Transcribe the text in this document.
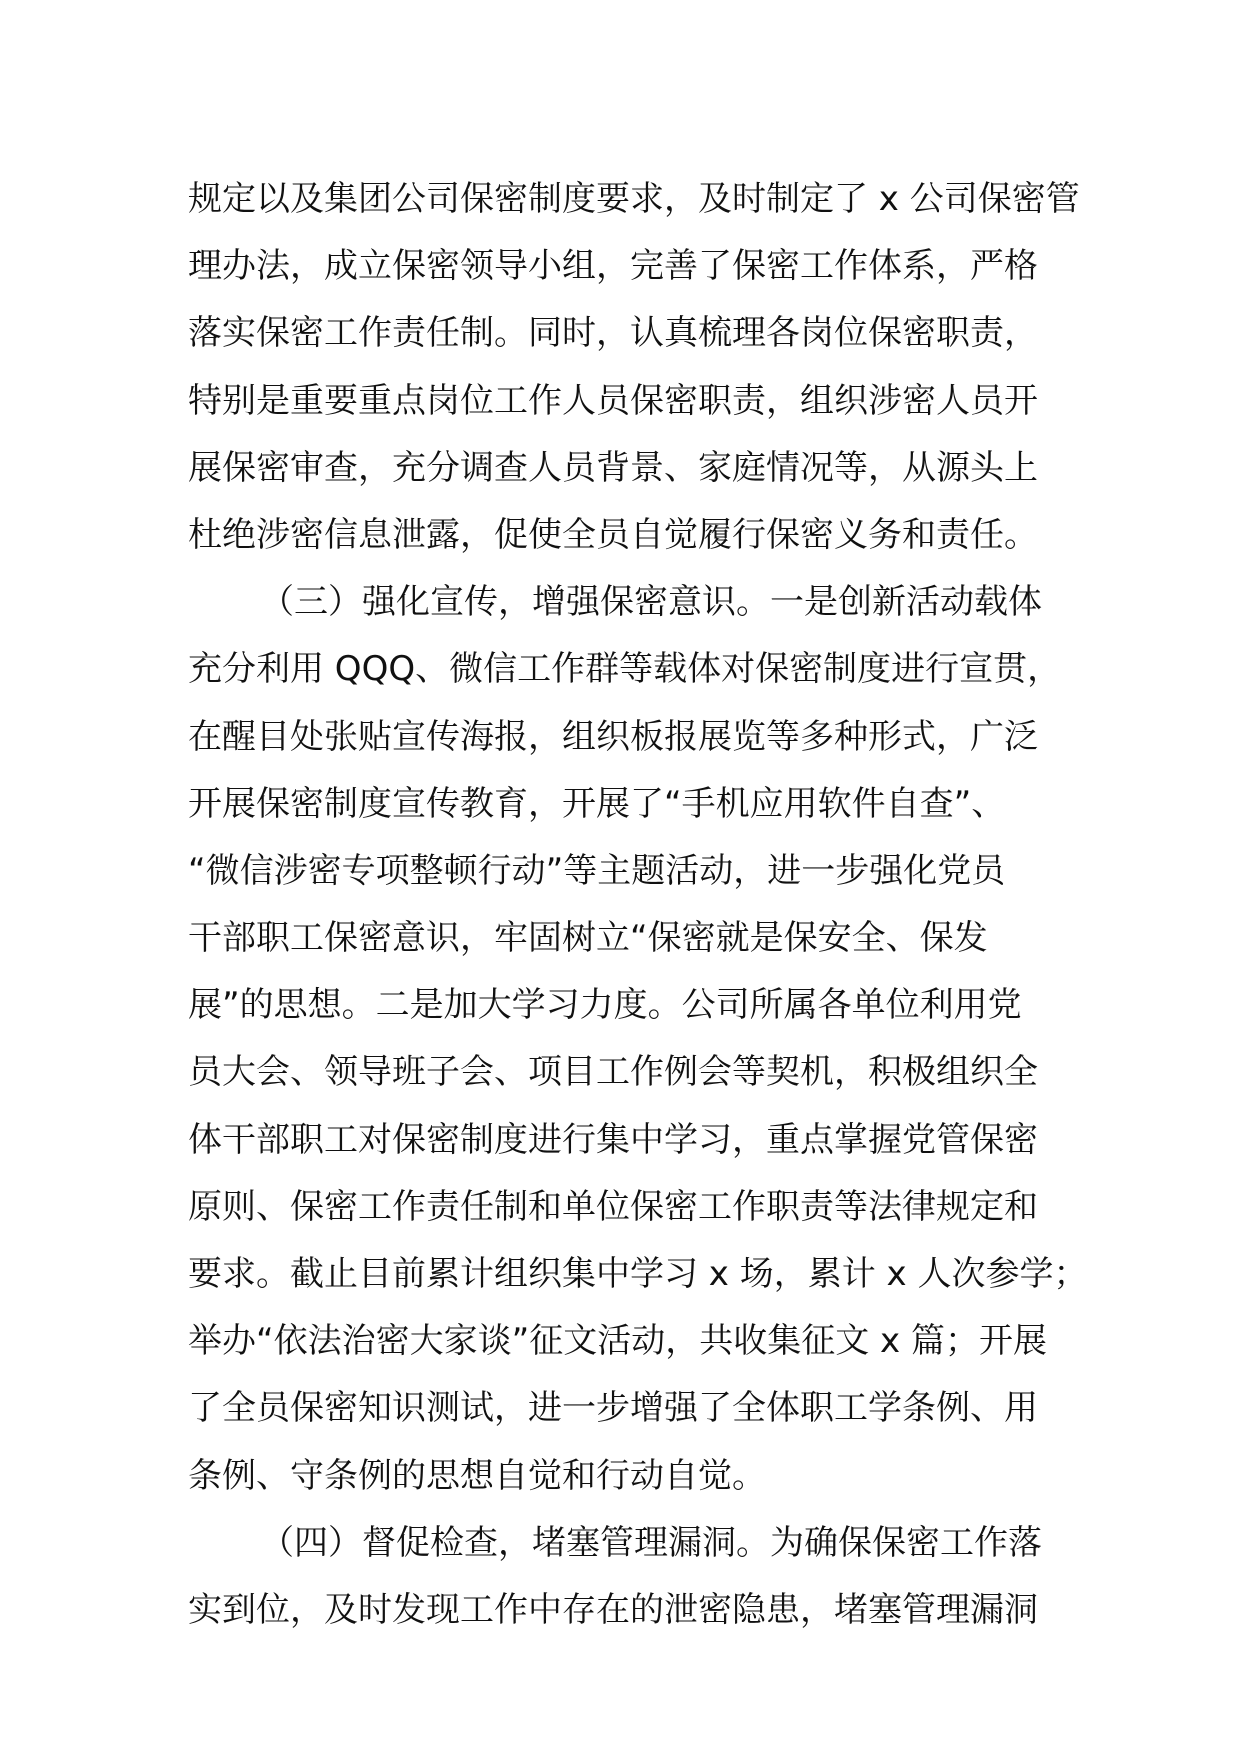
规定以及集团公司保密制度要求，及时制定了 x 公司保密管
理办法，成立保密领导小组，完善了保密工作体系，严格
落实保密工作责任制。同时，认真梳理各岗位保密职责，
特别是重要重点岗位工作人员保密职责，组织涉密人员开
展保密审查，充分调查人员背景、家庭情况等，从源头上
杜绝涉密信息泄露，促使全员自觉履行保密义务和责任。
（三）强化宣传，增强保密意识。一是创新活动载体
充分利用 QQQ、微信工作群等载体对保密制度进行宣贯，
在醒目处张贴宣传海报，组织板报展览等多种形式，广泛
开展保密制度宣传教育，开展了“手机应用软件自查”、
“微信涉密专项整顿行动”等主题活动，进一步强化党员
干部职工保密意识，牢固树立“保密就是保安全、保发
展”的思想。二是加大学习力度。公司所属各单位利用党
员大会、领导班子会、项目工作例会等契机，积极组织全
体干部职工对保密制度进行集中学习，重点掌握党管保密
原则、保密工作责任制和单位保密工作职责等法律规定和
要求。截止目前累计组织集中学习 x 场，累计 x 人次参学；
举办“依法治密大家谈”征文活动，共收集征文 x 篇；开展
了全员保密知识测试，进一步增强了全体职工学条例、用
条例、守条例的思想自觉和行动自觉。
（四）督促检查，堵塞管理漏洞。为确保保密工作落
实到位，及时发现工作中存在的泄密隐患，堵塞管理漏洞
